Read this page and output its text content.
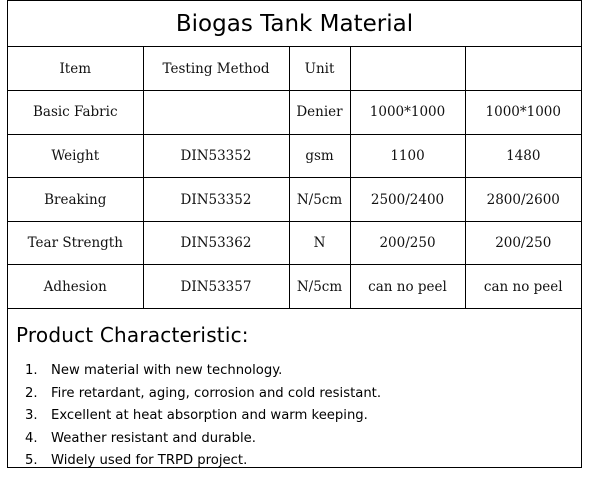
Biogas Tank Material
Item	Testing Method	Unit		
Basic Fabric		Denier	1000*1000	1000*1000
Weight	DIN53352	gsm	1100	1480
Breaking	DIN53352	N/5cm	2500/2400	2800/2600
Tear Strength	DIN53362	N	200/250	200/250
Adhesion	DIN53357	N/5cm	can no peel	can no peel
Product Characteristic:
1. New material with new technology.
2. Fire retardant, aging, corrosion and cold resistant.
3. Excellent at heat absorption and warm keeping.
4. Weather resistant and durable.
5. Widely used for TRPD project.
